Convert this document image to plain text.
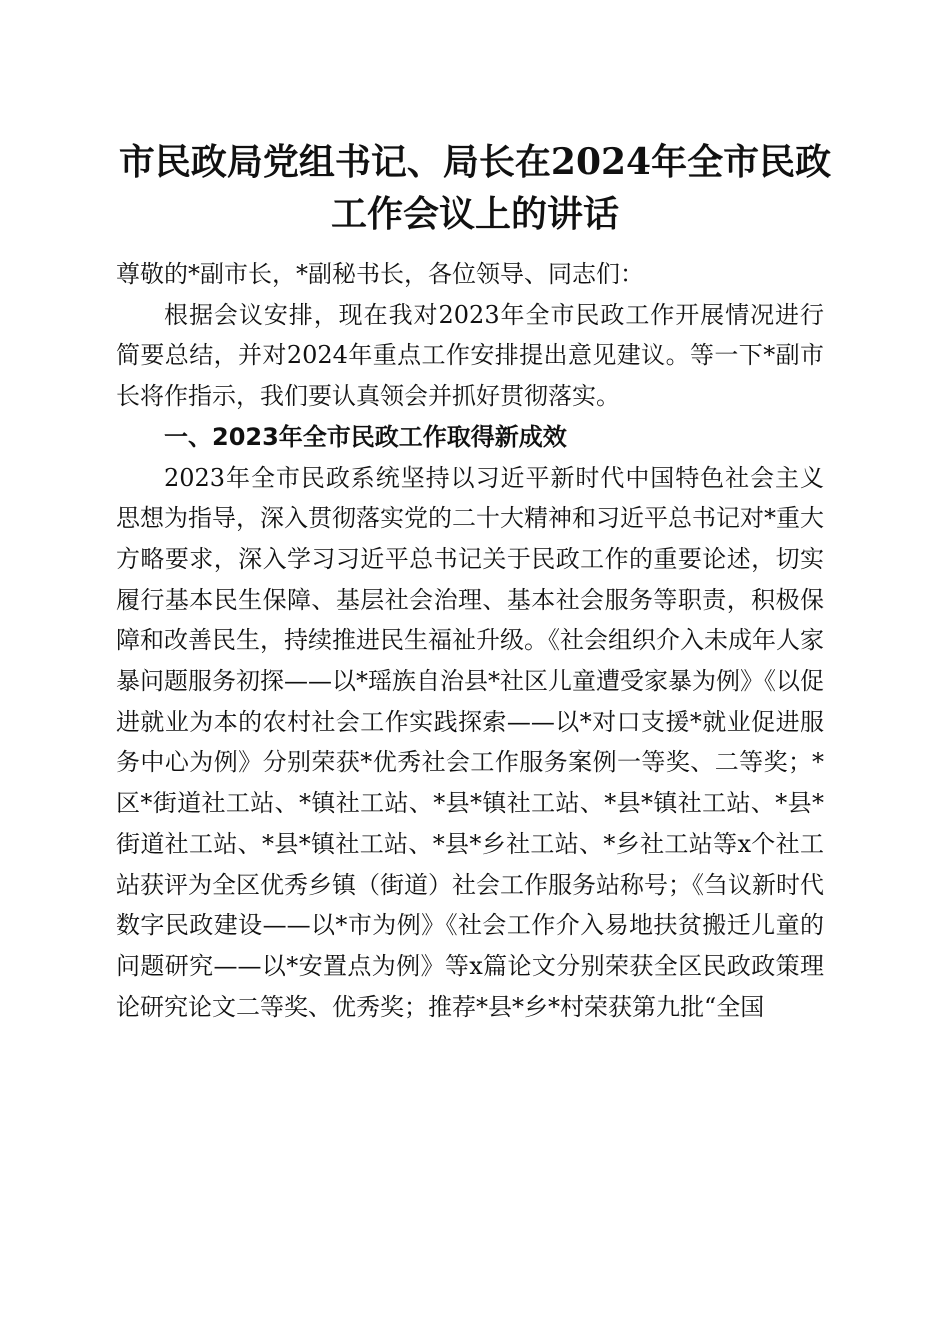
市民政局党组书记、局长在2024年全市民政
工作会议上的讲话

尊敬的*副市长，*副秘书长，各位领导、同志们：

根据会议安排，现在我对2023年全市民政工作开展情况进行简要总结，并对2024年重点工作安排提出意见建议。等一下*副市长将作指示，我们要认真领会并抓好贯彻落实。

一、2023年全市民政工作取得新成效

2023年全市民政系统坚持以习近平新时代中国特色社会主义思想为指导，深入贯彻落实党的二十大精神和习近平总书记对*重大方略要求，深入学习习近平总书记关于民政工作的重要论述，切实履行基本民生保障、基层社会治理、基本社会服务等职责，积极保障和改善民生，持续推进民生福祉升级。《社会组织介入未成年人家暴问题服务初探——以*瑶族自治县*社区儿童遭受家暴为例》《以促进就业为本的农村社会工作实践探索——以*对口支援*就业促进服务中心为例》分别荣获*优秀社会工作服务案例一等奖、二等奖；*区*街道社工站、*镇社工站、*县*镇社工站、*县*镇社工站、*县*街道社工站、*县*镇社工站、*县*乡社工站、*乡社工站等x个社工站获评为全区优秀乡镇（街道）社会工作服务站称号；《刍议新时代数字民政建设——以*市为例》《社会工作介入易地扶贫搬迁儿童的问题研究——以*安置点为例》等x篇论文分别荣获全区民政政策理论研究论文二等奖、优秀奖；推荐*县*乡*村荣获第九批“全国
